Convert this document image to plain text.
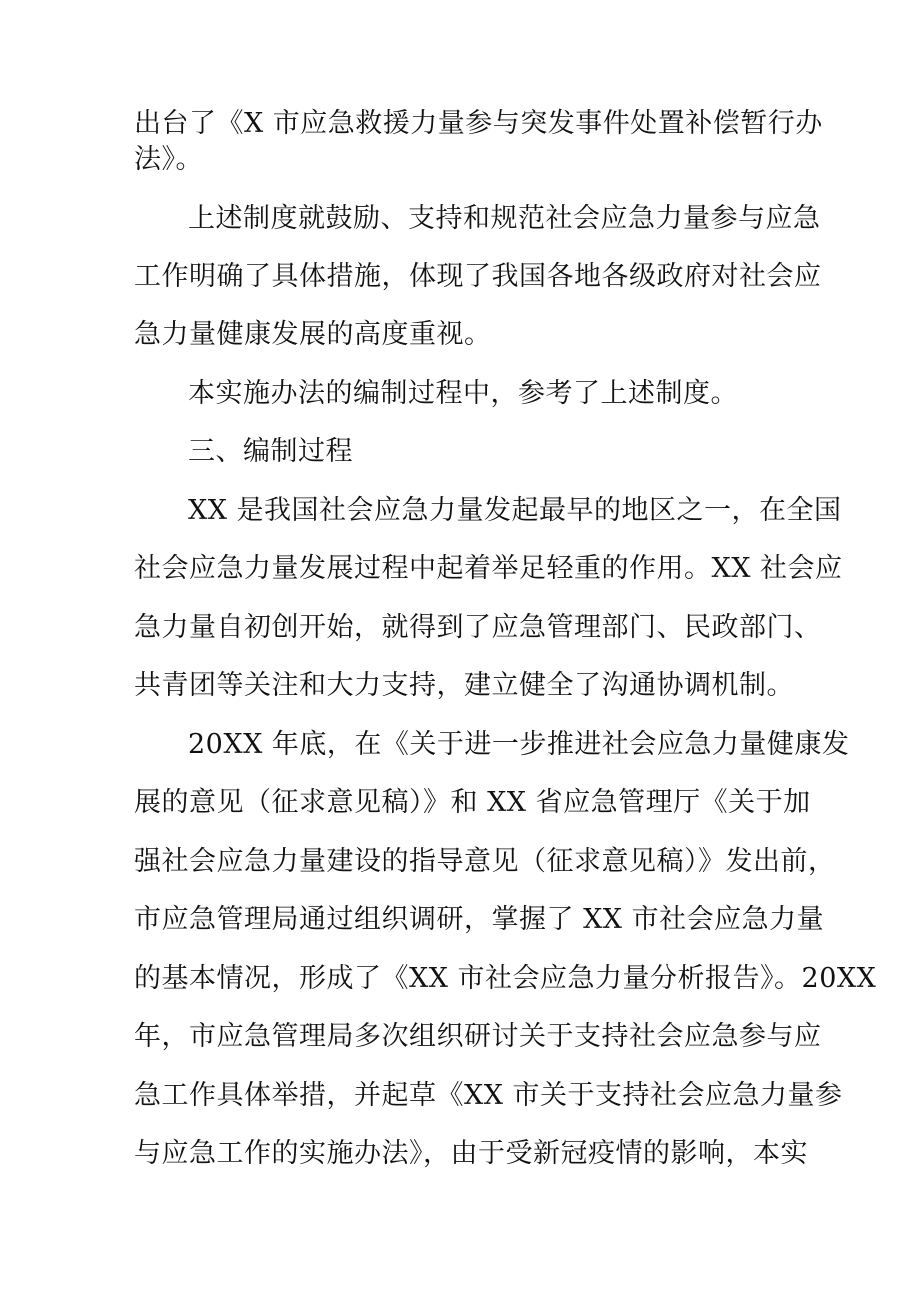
出台了《X 市应急救援力量参与突发事件处置补偿暂行办
法》。
上述制度就鼓励、支持和规范社会应急力量参与应急
工作明确了具体措施，体现了我国各地各级政府对社会应
急力量健康发展的高度重视。
本实施办法的编制过程中，参考了上述制度。
三、编制过程
XX 是我国社会应急力量发起最早的地区之一，在全国
社会应急力量发展过程中起着举足轻重的作用。XX 社会应
急力量自初创开始，就得到了应急管理部门、民政部门、
共青团等关注和大力支持，建立健全了沟通协调机制。
20XX 年底，在《关于进一步推进社会应急力量健康发
展的意见（征求意见稿）》和 XX 省应急管理厅《关于加
强社会应急力量建设的指导意见（征求意见稿）》发出前，
市应急管理局通过组织调研，掌握了 XX 市社会应急力量
的基本情况，形成了《XX 市社会应急力量分析报告》。20XX
年，市应急管理局多次组织研讨关于支持社会应急参与应
急工作具体举措，并起草《XX 市关于支持社会应急力量参
与应急工作的实施办法》，由于受新冠疫情的影响，本实
